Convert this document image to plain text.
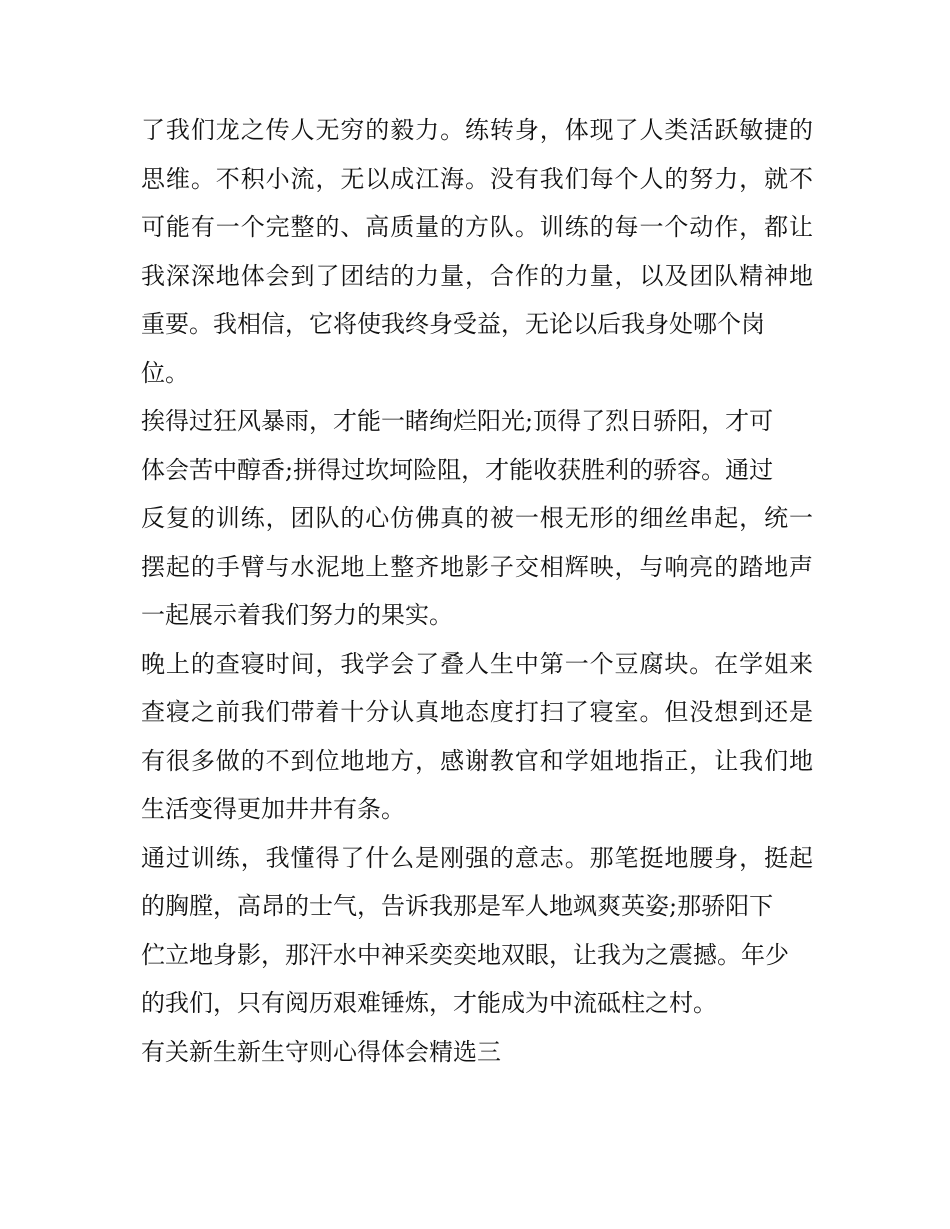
了我们龙之传人无穷的毅力。练转身，体现了人类活跃敏捷的
思维。不积小流，无以成江海。没有我们每个人的努力，就不
可能有一个完整的、高质量的方队。训练的每一个动作，都让
我深深地体会到了团结的力量，合作的力量，以及团队精神地
重要。我相信，它将使我终身受益，无论以后我身处哪个岗
位。
挨得过狂风暴雨，才能一睹绚烂阳光;顶得了烈日骄阳，才可
体会苦中醇香;拼得过坎坷险阻，才能收获胜利的骄容。通过
反复的训练，团队的心仿佛真的被一根无形的细丝串起，统一
摆起的手臂与水泥地上整齐地影子交相辉映，与响亮的踏地声
一起展示着我们努力的果实。
晚上的查寝时间，我学会了叠人生中第一个豆腐块。在学姐来
查寝之前我们带着十分认真地态度打扫了寝室。但没想到还是
有很多做的不到位地地方，感谢教官和学姐地指正，让我们地
生活变得更加井井有条。
通过训练，我懂得了什么是刚强的意志。那笔挺地腰身，挺起
的胸膛，高昂的士气，告诉我那是军人地飒爽英姿;那骄阳下
伫立地身影，那汗水中神采奕奕地双眼，让我为之震撼。年少
的我们，只有阅历艰难锤炼，才能成为中流砥柱之村。
有关新生新生守则心得体会精选三
